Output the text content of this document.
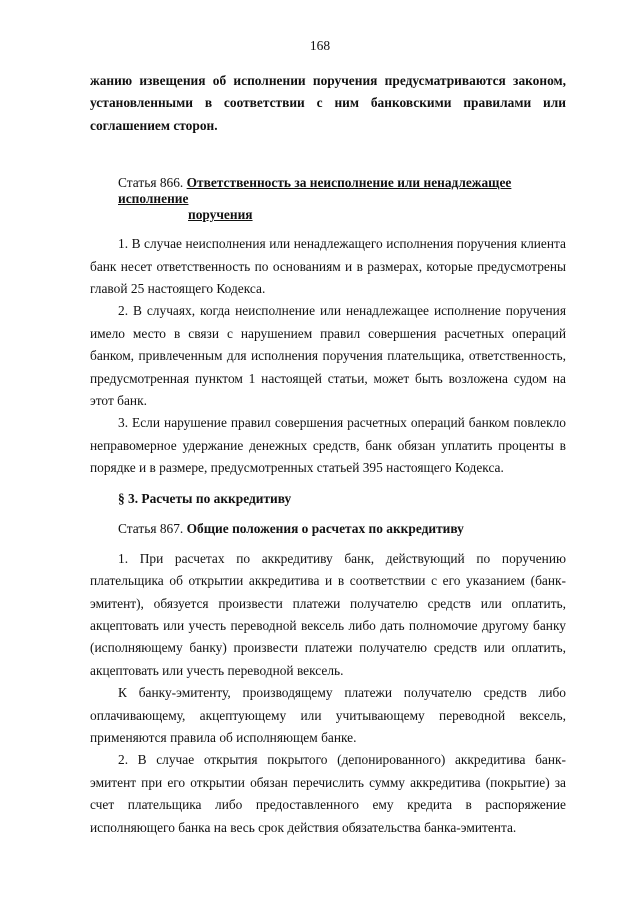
168

жанию извещения об исполнении поручения предусматриваются законом, установленными в соответствии с ним банковскими правилами или соглашением сторон.

Статья 866. Ответственность за неисполнение или ненадлежащее исполнение
поручения

1. В случае неисполнения или ненадлежащего исполнения поручения клиента банк несет ответственность по основаниям и в размерах, которые предусмотрены главой 25 настоящего Кодекса.

2. В случаях, когда неисполнение или ненадлежащее исполнение поручения имело место в связи с нарушением правил совершения расчетных операций банком, привлеченным для исполнения поручения плательщика, ответственность, предусмотренная пунктом 1 настоящей статьи, может быть возложена судом на этот банк.

3. Если нарушение правил совершения расчетных операций банком повлекло неправомерное удержание денежных средств, банк обязан уплатить проценты в порядке и в размере, предусмотренных статьей 395 настоящего Кодекса.

§ 3. Расчеты по аккредитиву

Статья 867. Общие положения о расчетах по аккредитиву

1. При расчетах по аккредитиву банк, действующий по поручению плательщика об открытии аккредитива и в соответствии с его указанием (банк-эмитент), обязуется произвести платежи получателю средств или оплатить, акцептовать или учесть переводной вексель либо дать полномочие другому банку (исполняющему банку) произвести платежи получателю средств или оплатить, акцептовать или учесть переводной вексель.

К банку-эмитенту, производящему платежи получателю средств либо оплачивающему, акцептующему или учитывающему переводной вексель, применяются правила об исполняющем банке.

2. В случае открытия покрытого (депонированного) аккредитива банк-эмитент при его открытии обязан перечислить сумму аккредитива (покрытие) за счет плательщика либо предоставленного ему кредита в распоряжение исполняющего банка на весь срок действия обязательства банка-эмитента.
